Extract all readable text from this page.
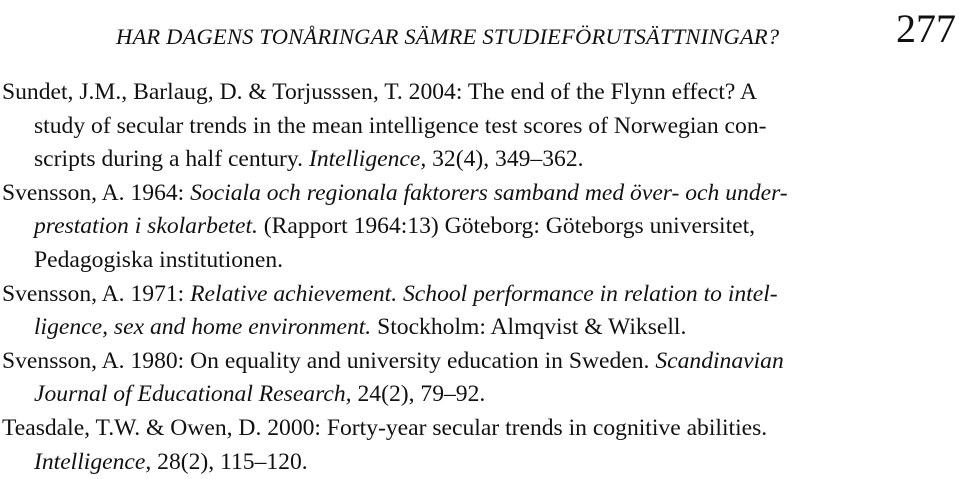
HAR DAGENS TONÅRINGAR SÄMRE STUDIEFÖRUTSÄTTNINGAR?	277
Sundet, J.M., Barlaug, D. & Torjusssen, T. 2004: The end of the Flynn effect? A
study of secular trends in the mean intelligence test scores of Norwegian con-
scripts during a half century. Intelligence, 32(4), 349–362.
Svensson, A. 1964: Sociala och regionala faktorers samband med över- och under-
prestation i skolarbetet. (Rapport 1964:13) Göteborg: Göteborgs universitet,
Pedagogiska institutionen.
Svensson, A. 1971: Relative achievement. School performance in relation to intel-
ligence, sex and home environment. Stockholm: Almqvist & Wiksell.
Svensson, A. 1980: On equality and university education in Sweden. Scandinavian
Journal of Educational Research, 24(2), 79–92.
Teasdale, T.W. & Owen, D. 2000: Forty-year secular trends in cognitive abilities.
Intelligence, 28(2), 115–120.
